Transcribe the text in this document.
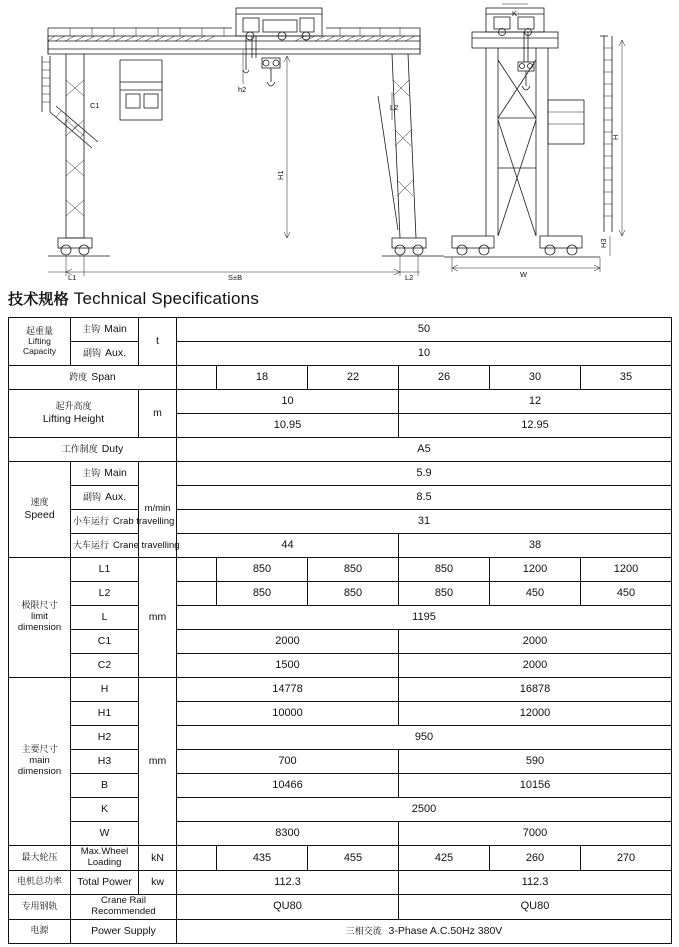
C1
h2
L2
H1
L1	S±B	L2
K
H
H3
W
技术规格 Technical Specifications
起重量
Lifting Capacity	主钩 Main	t	50					
	副钩 Aux.		10					
跨度 Span				18	22	26	30	35

起升高度
Lifting Height		m	10			12		
			10.95			12.95		
工作制度 Duty			A5					

速度
Speed	主钩 Main	m/min	5.9					
	副钩 Aux.		8.5					
	小车运行 Crab travelling		31					
	大车运行 Crane travelling		44			38		

极限尺寸
limit
dimension	L1	mm		850	850	850	1200	1200
	L2			850	850	850	450	450
	L		1195					
	C1		2000			2000		
	C2		1500			2000		

主要尺寸
main
dimension	H	mm	14778			16878		
	H1		10000			12000		
	H2		950					
	H3		700			590		
	B		10466			10156		
	K		2500					
	W		8300			7000		
最大轮压	Max.Wheel Loading	kN		435	455	425	260	270
电机总功率	Total Power	kw	112.3			112.3		
专用钢轨	Crane Rail Recommended		QU80			QU80		
电源	Power Supply		三相交流 3-Phase A.C.50Hz 380V					
